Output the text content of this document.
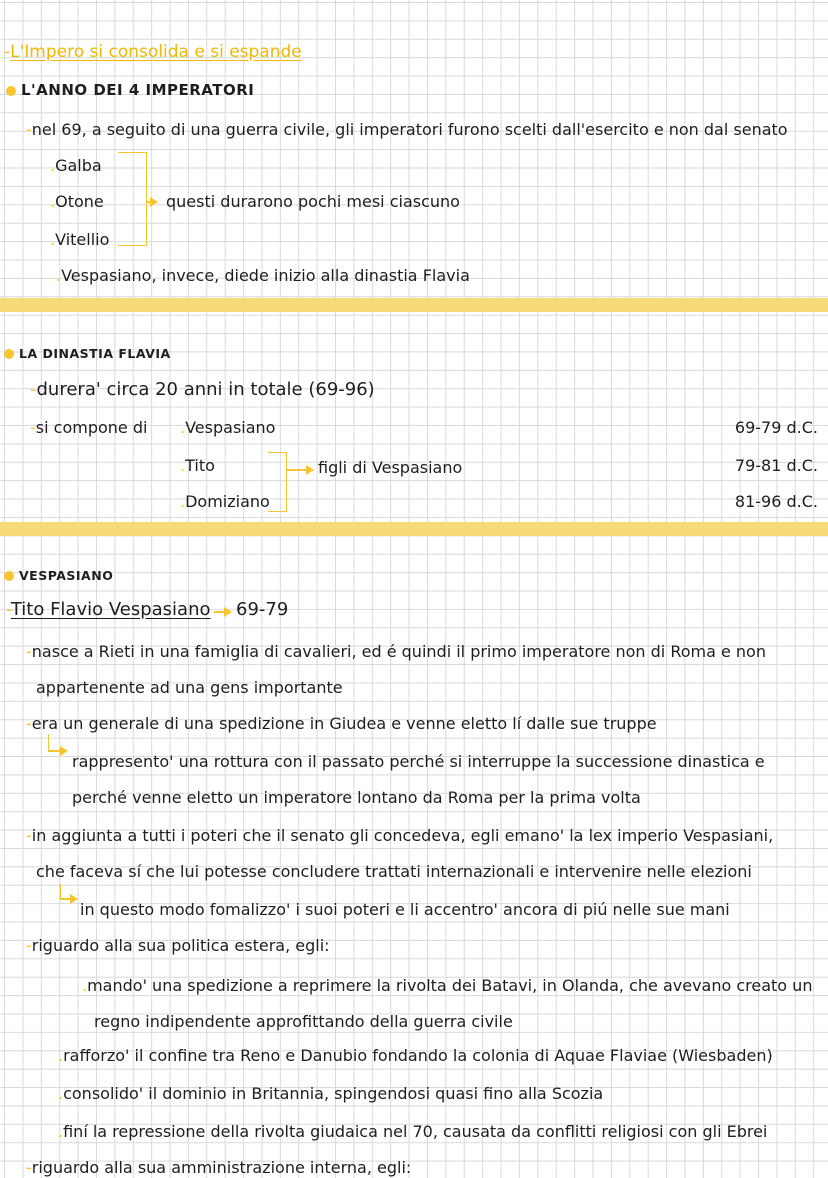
-L'Impero si consolida e si espande
L'ANNO DEI 4 IMPERATORI
-nel 69, a seguito di una guerra civile, gli imperatori furono scelti dall'esercito e non dal senato
.Galba
.Otone
.Vitellio
questi durarono pochi mesi ciascuno
.Vespasiano, invece, diede inizio alla dinastia Flavia
LA DINASTIA FLAVIA
-durera' circa 20 anni in totale (69-96)
-si compone di .Vespasiano
.Tito
.Domiziano
figli di Vespasiano
69-79 d.C.
79-81 d.C.
81-96 d.C.
VESPASIANO
-Tito Flavio Vespasiano 69-79
-nasce a Rieti in una famiglia di cavalieri, ed é quindi il primo imperatore non di Roma e non
appartenente ad una gens importante
-era un generale di una spedizione in Giudea e venne eletto lí dalle sue truppe
rappresento' una rottura con il passato perché si interruppe la successione dinastica e
perché venne eletto un imperatore lontano da Roma per la prima volta
-in aggiunta a tutti i poteri che il senato gli concedeva, egli emano' la lex imperio Vespasiani,
che faceva sí che lui potesse concludere trattati internazionali e intervenire nelle elezioni
in questo modo fomalizzo' i suoi poteri e li accentro' ancora di piú nelle sue mani
-riguardo alla sua politica estera, egli:
.mando' una spedizione a reprimere la rivolta dei Batavi, in Olanda, che avevano creato un
regno indipendente approfittando della guerra civile
.rafforzo' il confine tra Reno e Danubio fondando la colonia di Aquae Flaviae (Wiesbaden)
.consolido' il dominio in Britannia, spingendosi quasi fino alla Scozia
.finí la repressione della rivolta giudaica nel 70, causata da conflitti religiosi con gli Ebrei
-riguardo alla sua amministrazione interna, egli:
